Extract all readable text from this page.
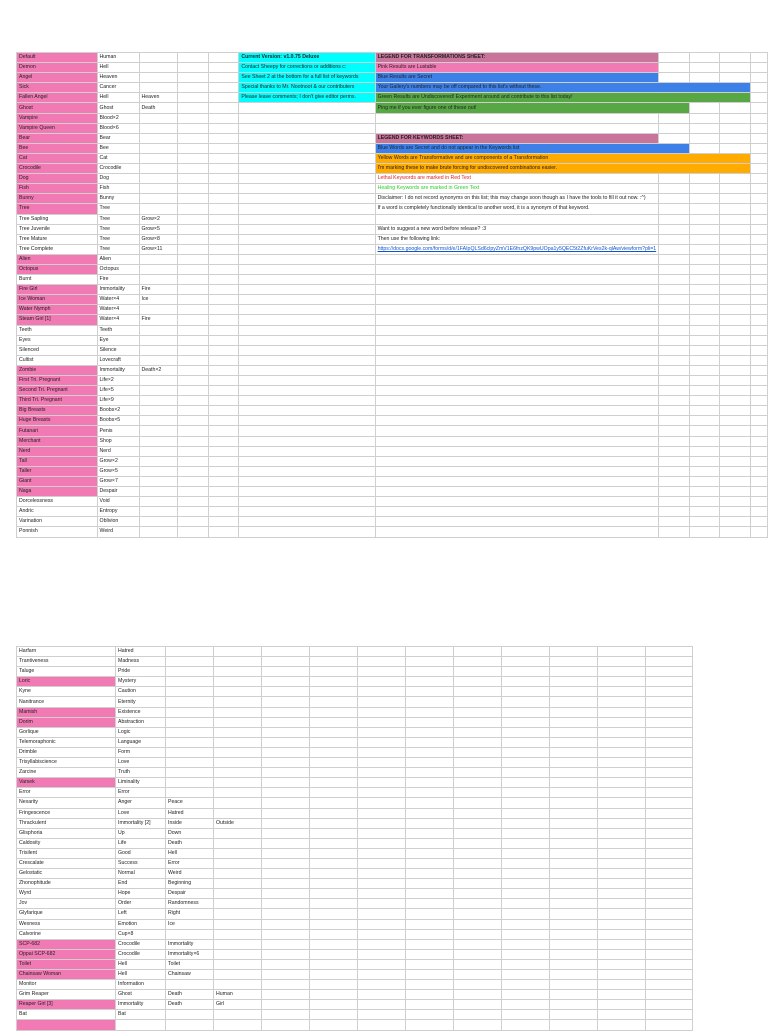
Default	Human				Current Version: v1.0.75 Deluxe	LEGEND FOR TRANSFORMATIONS SHEET:				
Demon	Hell				Contact Sheepy for corrections or additions c:	Pink Results are Lustable				
Angel	Heaven				See Sheet 2 at the bottom for a full list of keywords	Blue Results are Secret				
Sick	Cancer				Special thanks to Mr. Nootnoot & our contributers	Your Gallery's numbers may be off compared to this list's without these.				
Fallen Angel	Hell	Heaven			Please leave comments; I don't give editor perms.	Green Results are Undiscovered! Experiment around and contribute to this list today!				
Ghost	Ghost	Death				Ping me if you ever figure one of these out!				
Vampire	Blood×2									
Vampire Queen	Blood×6									
Bear	Bear					LEGEND FOR KEYWORDS SHEET:				
Bee	Bee					Blue Words are Secret and do not appear in the Keywords list				
Cat	Cat					Yellow Words are Transformative and are components of a Transformation				
Crocodile	Crocodile					I'm marking these to make brute forcing for undiscovered combinations easier.				
Dog	Dog					Lethal Keywords are marked in Red Text				
Fish	Fish					Healing Keywords are marked in Green Text				
Bunny	Bunny					Disclaimer: I do not record synonyms on this list; this may change soon though as I have the tools to fill it out now. :^)				
Tree	Tree					If a word is completely functionally identical to another word, it is a synonym of that keyword.				
Tree Sapling	Tree	Grow×2								
Tree Juvenile	Tree	Grow×5				Want to suggest a new word before release? :3				
Tree Mature	Tree	Grow×8				Then use the following link:				
Tree Complete	Tree	Grow×11				https://docs.google.com/forms/d/e/1FAIpQLSd6clpyZmV1E6fnzQK9pwUOpa1y5QEC5t2ZfuKrVes2k-qlAw/viewform?pli=1				
Alien	Alien									
Octopus	Octopus									
Burnt	Fire									
Fire Girl	Immortality	Fire								
Ice Woman	Water×4	Ice								
Water Nymph	Water×4									
Steam Girl [1]	Water×4	Fire								
Teeth	Teeth									
Eyes	Eye									
Silenced	Silence									
Cultist	Lovecraft									
Zombie	Immortality	Death×2								
First Tri. Pregnant	Life×2									
Second Tri. Pregnant	Life×5									
Third Tri. Pregnant	Life×9									
Big Breasts	Boobs×2									
Huge Breasts	Boobs×5									
Futanari	Penis									
Merchant	Shop									
Nerd	Nerd									
Tall	Grow×2									
Taller	Grow×5									
Giant	Grow×7									
Naga	Despair									
Dorcelessness	Void									
Andric	Entropy									
Varination	Oblivion									
Ponnish	Weird									
Harfarn	Hatred											
Trantiveness	Madness											
Taluge	Pride											
Loric	Mystery											
Kyne	Caution											
Nanitrance	Eternity											
Mamish	Existence											
Dorim	Abstraction											
Gorlique	Logic											
Telemoraphonic	Language											
Drimble	Form											
Trisyllabiscience	Love											
Zarcine	Truth											
Varsek	Liminality											
Error	Error											
Nexarity	Anger	Peace										
Fringescence	Love	Hatred										
Thrackulent	Immortality [2]	Inside	Outside									
Glisphoria	Up	Down										
Caldosity	Life	Death										
Trisilent	Good	Hell										
Crescalate	Success	Error										
Gelostatic	Normal	Weird										
Zhonophitude	End	Beginning										
Wyrd	Hope	Despair										
Jov	Order	Randomness										
Glyfarique	Left	Right										
Wexness	Emotion	Ice										
Calvorine	Cup×8											
SCP-682	Crocodile	Immortality										
Oppai SCP-682	Crocodile	Immortality×6										
Toilet	Hell	Toilet										
Chainsaw Woman	Hell	Chainsaw										
Monitor	Information											
Grim Reaper	Ghost	Death	Human									
Reaper Girl [3]	Immortality	Death	Girl									
Bat	Bat											
